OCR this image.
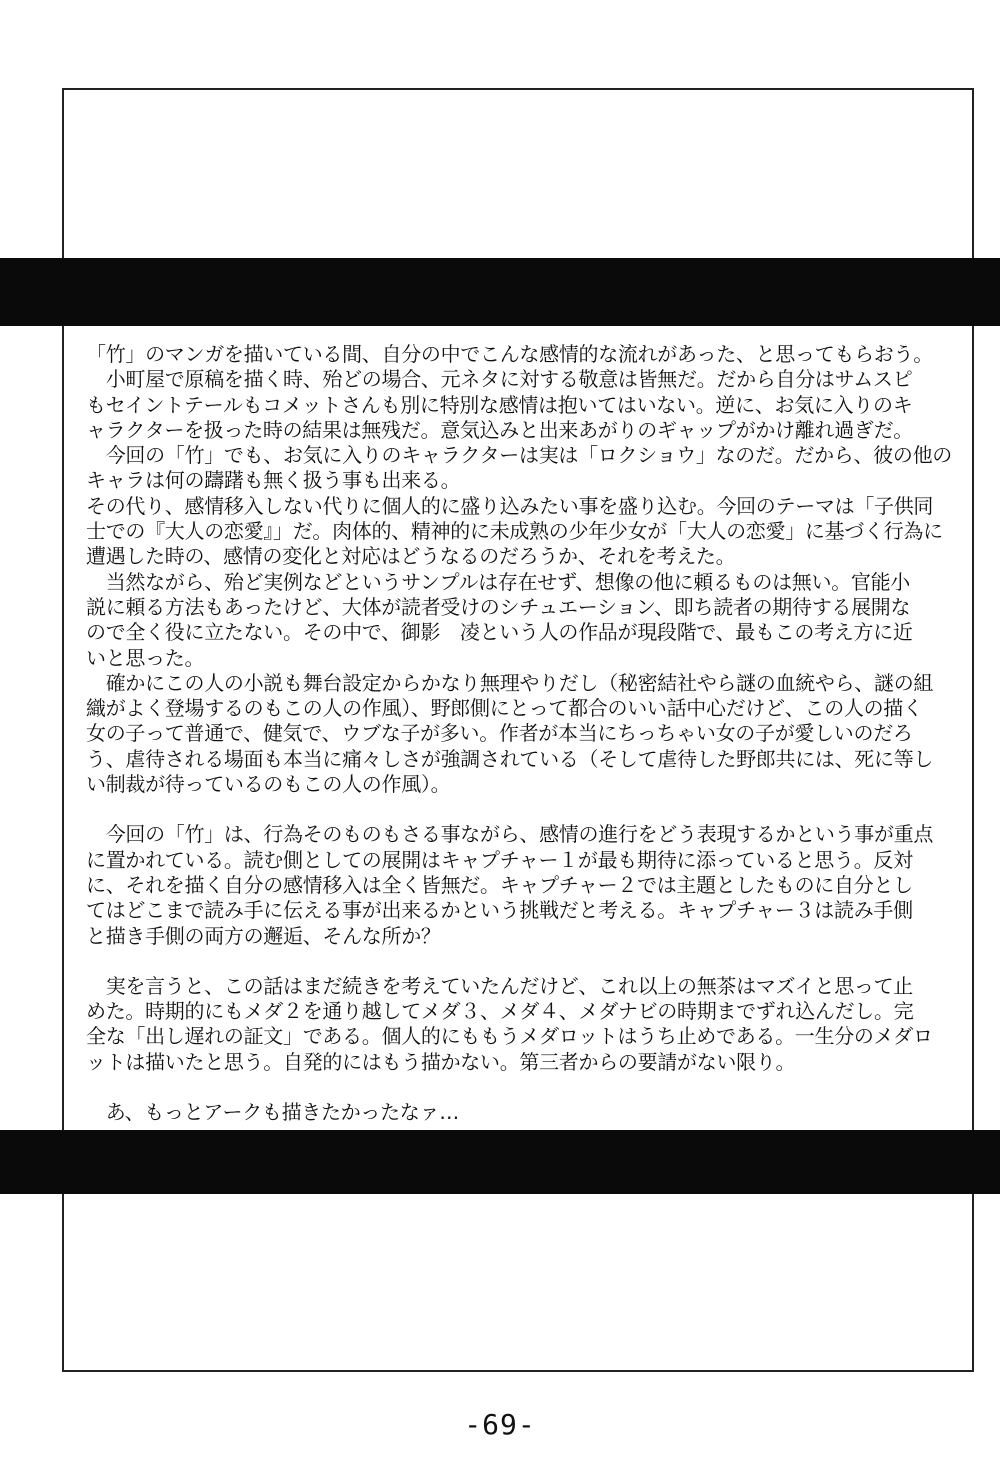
「竹」のマンガを描いている間、自分の中でこんな感情的な流れがあった、と思ってもらおう。

　小町屋で原稿を描く時、殆どの場合、元ネタに対する敬意は皆無だ。だから自分はサムスピ
もセイントテールもコメットさんも別に特別な感情は抱いてはいない。逆に、お気に入りのキ
ャラクターを扱った時の結果は無残だ。意気込みと出来あがりのギャップがかけ離れ過ぎだ。

　今回の「竹」でも、お気に入りのキャラクターは実は「ロクショウ」なのだ。だから、彼の他の
キャラは何の躊躇も無く扱う事も出来る。

その代り、感情移入しない代りに個人的に盛り込みたい事を盛り込む。今回のテーマは「子供同
士での『大人の恋愛』」だ。肉体的、精神的に未成熟の少年少女が「大人の恋愛」に基づく行為に
遭遇した時の、感情の変化と対応はどうなるのだろうか、それを考えた。

　当然ながら、殆ど実例などというサンプルは存在せず、想像の他に頼るものは無い。官能小
説に頼る方法もあったけど、大体が読者受けのシチュエーション、即ち読者の期待する展開な
ので全く役に立たない。その中で、御影　凌という人の作品が現段階で、最もこの考え方に近
いと思った。

　確かにこの人の小説も舞台設定からかなり無理やりだし（秘密結社やら謎の血統やら、謎の組
織がよく登場するのもこの人の作風）、野郎側にとって都合のいい話中心だけど、この人の描く
女の子って普通で、健気で、ウブな子が多い。作者が本当にちっちゃい女の子が愛しいのだろ
う、虐待される場面も本当に痛々しさが強調されている（そして虐待した野郎共には、死に等し
い制裁が待っているのもこの人の作風）。

　今回の「竹」は、行為そのものもさる事ながら、感情の進行をどう表現するかという事が重点
に置かれている。読む側としての展開はキャプチャー１が最も期待に添っていると思う。反対
に、それを描く自分の感情移入は全く皆無だ。キャプチャー２では主題としたものに自分とし
てはどこまで読み手に伝える事が出来るかという挑戦だと考える。キャプチャー３は読み手側
と描き手側の両方の邂逅、そんな所か？

　実を言うと、この話はまだ続きを考えていたんだけど、これ以上の無茶はマズイと思って止
めた。時期的にもメダ２を通り越してメダ３、メダ４、メダナビの時期までずれ込んだし。完
全な「出し遅れの証文」である。個人的にももうメダロットはうち止めである。一生分のメダロ
ットは描いたと思う。自発的にはもう描かない。第三者からの要請がない限り。

　あ、もっとアークも描きたかったなァ…

-69-
